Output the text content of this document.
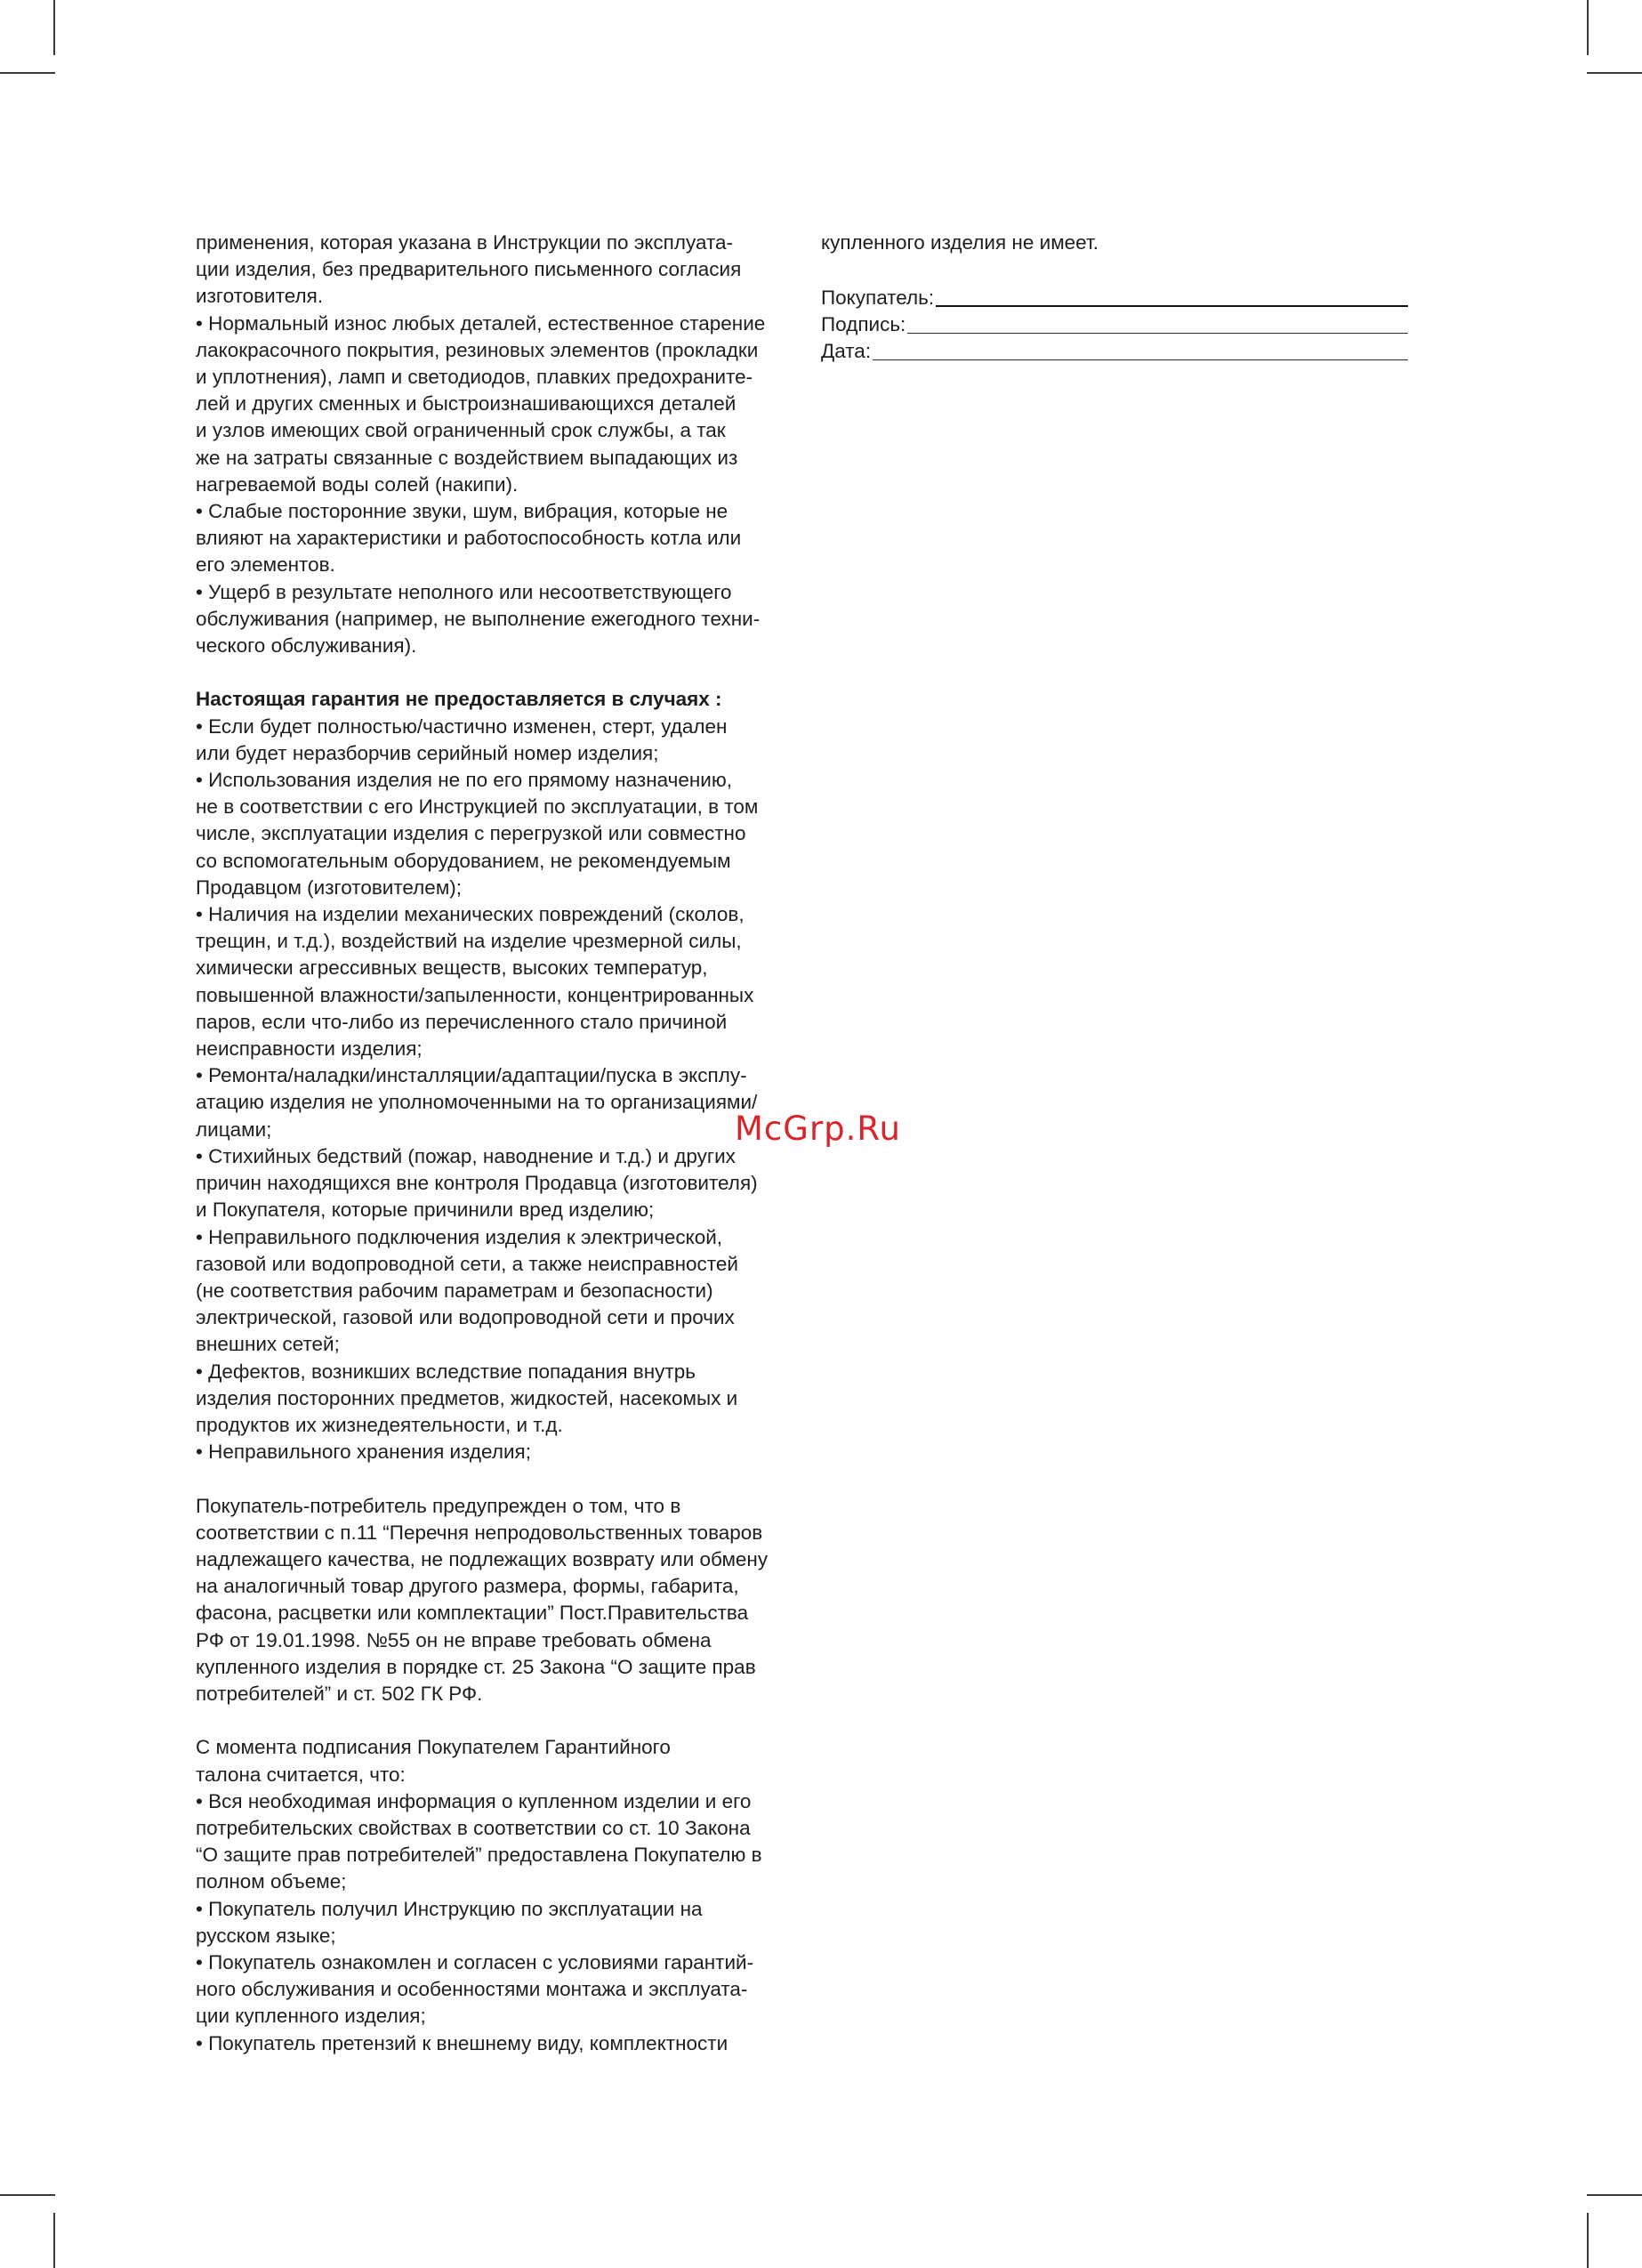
применения, которая указана в Инструкции по эксплуата-
ции изделия, без предварительного письменного согласия
изготовителя.
• Нормальный износ любых деталей, естественное старение
лакокрасочного покрытия, резиновых элементов (прокладки
и уплотнения), ламп и светодиодов, плавких предохраните-
лей и других сменных и быстроизнашивающихся деталей
и узлов имеющих свой ограниченный срок службы, а так
же на затраты связанные с воздействием выпадающих из
нагреваемой воды солей (накипи).
• Слабые посторонние звуки, шум, вибрация, которые не
влияют на характеристики и работоспособность котла или
его элементов.
• Ущерб в результате неполного или несоответствующего
обслуживания (например, не выполнение ежегодного техни-
ческого обслуживания).
Настоящая гарантия не предоставляется в случаях :
• Если будет полностью/частично изменен, стерт, удален
или будет неразборчив серийный номер изделия;
• Использования изделия не по его прямому назначению,
не в соответствии с его Инструкцией по эксплуатации, в том
числе, эксплуатации изделия с перегрузкой или совместно
со вспомогательным оборудованием, не рекомендуемым
Продавцом (изготовителем);
• Наличия на изделии механических повреждений (сколов,
трещин, и т.д.), воздействий на изделие чрезмерной силы,
химически агрессивных веществ, высоких температур,
повышенной влажности/запыленности, концентрированных
паров, если что-либо из перечисленного стало причиной
неисправности изделия;
• Ремонта/наладки/инсталляции/адаптации/пуска в эксплу-
атацию изделия не уполномоченными на то организациями/
лицами;
• Стихийных бедствий (пожар, наводнение и т.д.) и других
причин находящихся вне контроля Продавца (изготовителя)
и Покупателя, которые причинили вред изделию;
• Неправильного подключения изделия к электрической,
газовой или водопроводной сети, а также неисправностей
(не соответствия рабочим параметрам и безопасности)
электрической, газовой или водопроводной сети и прочих
внешних сетей;
• Дефектов, возникших вследствие попадания внутрь
изделия посторонних предметов, жидкостей, насекомых и
продуктов их жизнедеятельности, и т.д.
• Неправильного хранения изделия;
Покупатель-потребитель предупрежден о том, что в
соответствии с п.11 “Перечня непродовольственных товаров
надлежащего качества, не подлежащих возврату или обмену
на аналогичный товар другого размера, формы, габарита,
фасона, расцветки или комплектации” Пост.Правительства
РФ от 19.01.1998. №55 он не вправе требовать обмена
купленного изделия в порядке ст. 25 Закона “О защите прав
потребителей” и ст. 502 ГК РФ.
С момента подписания Покупателем Гарантийного
талона считается, что:
• Вся необходимая информация о купленном изделии и его
потребительских свойствах в соответствии со ст. 10 Закона
“О защите прав потребителей” предоставлена Покупателю в
полном объеме;
• Покупатель получил Инструкцию по эксплуатации на
русском языке;
• Покупатель ознакомлен и согласен с условиями гарантий-
ного обслуживания и особенностями монтажа и эксплуата-
ции купленного изделия;
• Покупатель претензий к внешнему виду, комплектности
купленного изделия не имеет.
Покупатель:
Подпись:
Дата:
McGrp.Ru
